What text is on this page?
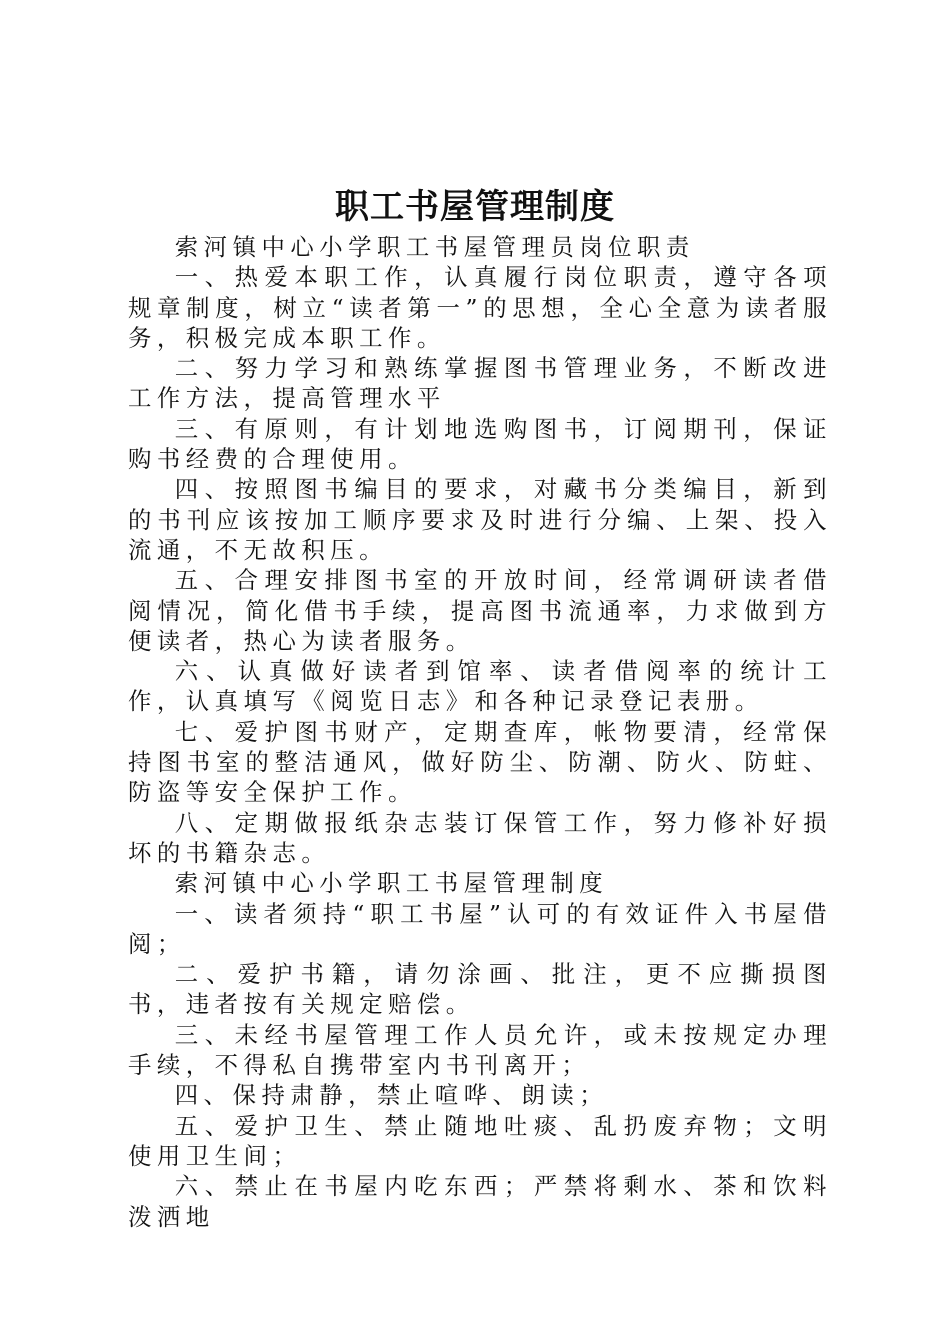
职工书屋管理制度

索河镇中心小学职工书屋管理员岗位职责

一、热爱本职工作，认真履行岗位职责，遵守各项规章制度，树立“读者第一”的思想，全心全意为读者服务，积极完成本职工作。

二、努力学习和熟练掌握图书管理业务，不断改进工作方法，提高管理水平

三、有原则，有计划地选购图书，订阅期刊，保证购书经费的合理使用。

四、按照图书编目的要求，对藏书分类编目，新到的书刊应该按加工顺序要求及时进行分编、上架、投入流通，不无故积压。

五、合理安排图书室的开放时间，经常调研读者借阅情况，简化借书手续，提高图书流通率，力求做到方便读者，热心为读者服务。

六、认真做好读者到馆率、读者借阅率的统计工作，认真填写《阅览日志》和各种记录登记表册。

七、爱护图书财产，定期查库，帐物要清，经常保持图书室的整洁通风，做好防尘、防潮、防火、防蛀、防盗等安全保护工作。

八、定期做报纸杂志装订保管工作，努力修补好损坏的书籍杂志。

索河镇中心小学职工书屋管理制度

一、读者须持“职工书屋”认可的有效证件入书屋借阅；

二、爱护书籍，请勿涂画、批注，更不应撕损图书，违者按有关规定赔偿。

三、未经书屋管理工作人员允许，或未按规定办理手续，不得私自携带室内书刊离开；

四、保持肃静，禁止喧哗、朗读；

五、爱护卫生、禁止随地吐痰、乱扔废弃物；文明使用卫生间；

六、禁止在书屋内吃东西；严禁将剩水、茶和饮料泼洒地
